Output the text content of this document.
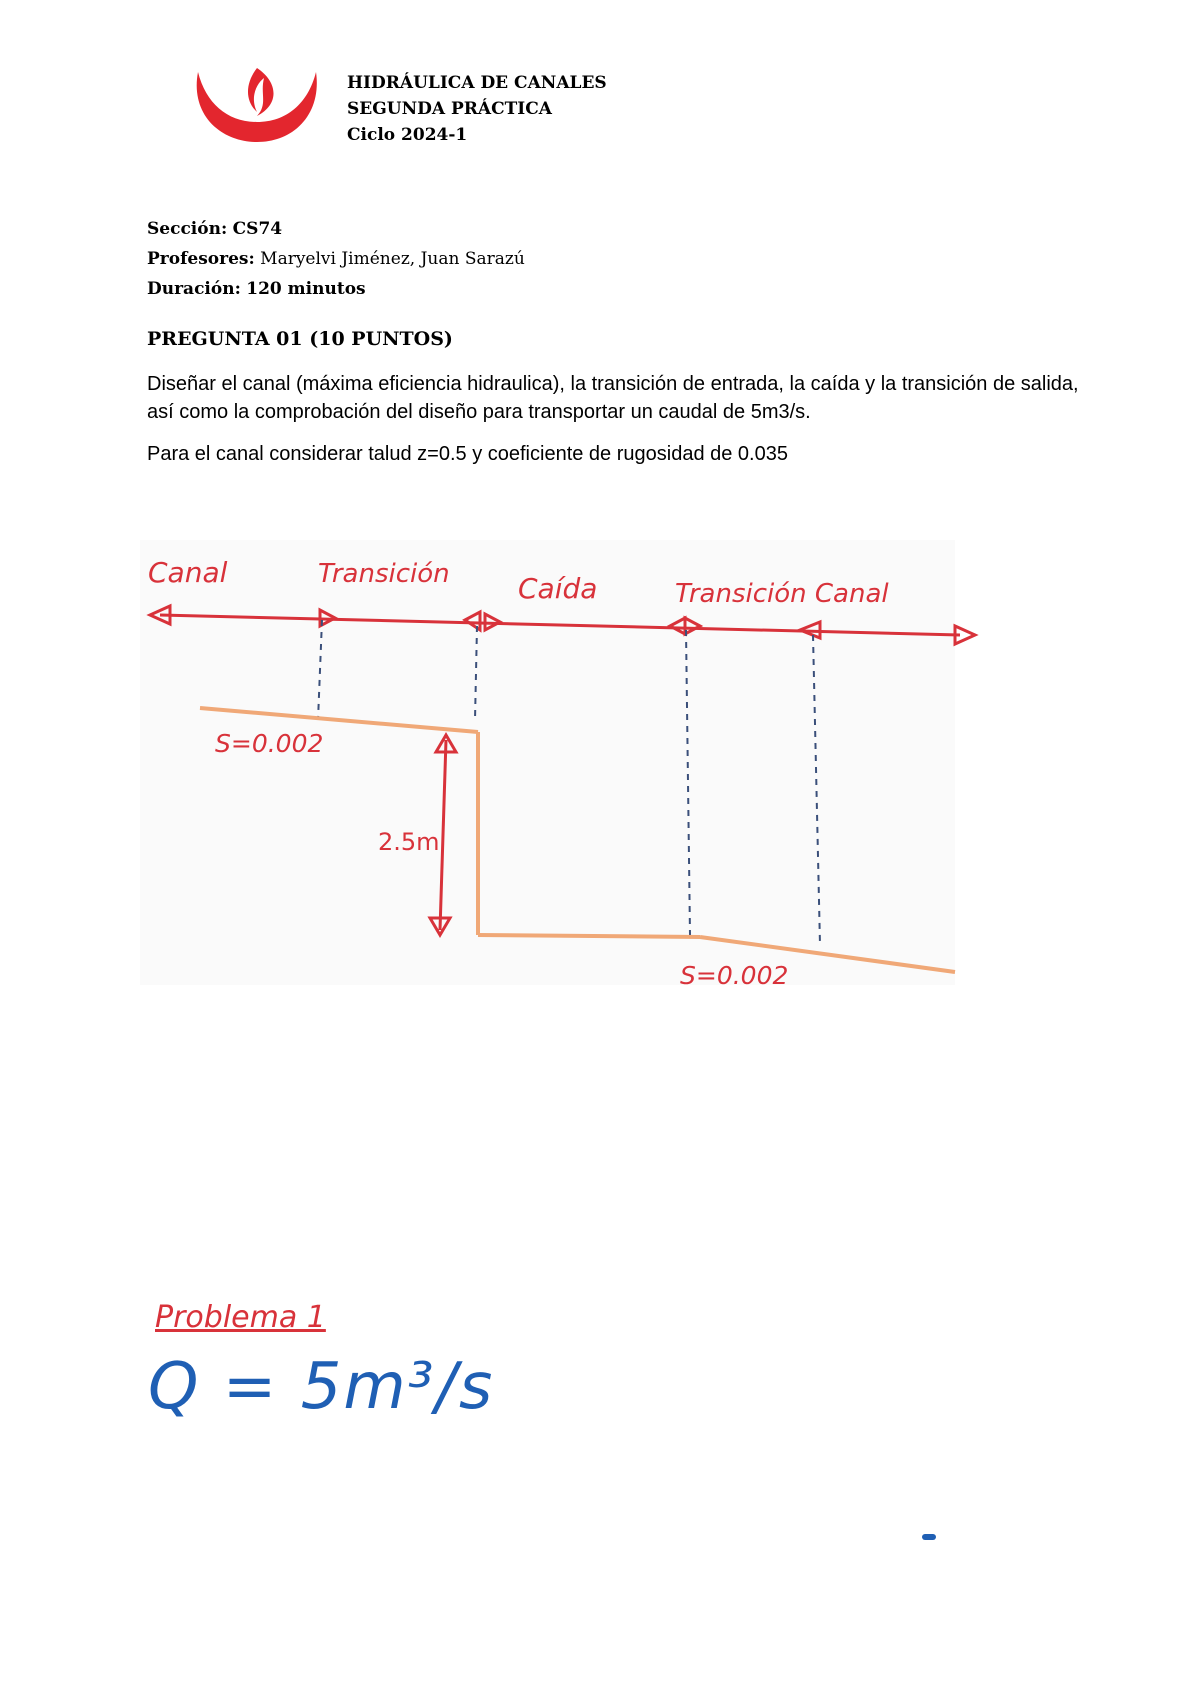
HIDRÁULICA DE CANALES
SEGUNDA PRÁCTICA
Ciclo 2024-1
Sección: CS74
Profesores: Maryelvi Jiménez, Juan Sarazú
Duración: 120 minutos
PREGUNTA 01 (10 PUNTOS)
Diseñar el canal (máxima eficiencia hidraulica), la transición de entrada, la caída y la transición de salida, así como la comprobación del diseño para transportar un caudal de 5m3/s.
Para el canal considerar talud z=0.5 y coeficiente de rugosidad de 0.035
Canal	Transición Caída	Transición Canal
2.5m
S=0.002
S=0.002
Problema 1
Q = 5m³/s
